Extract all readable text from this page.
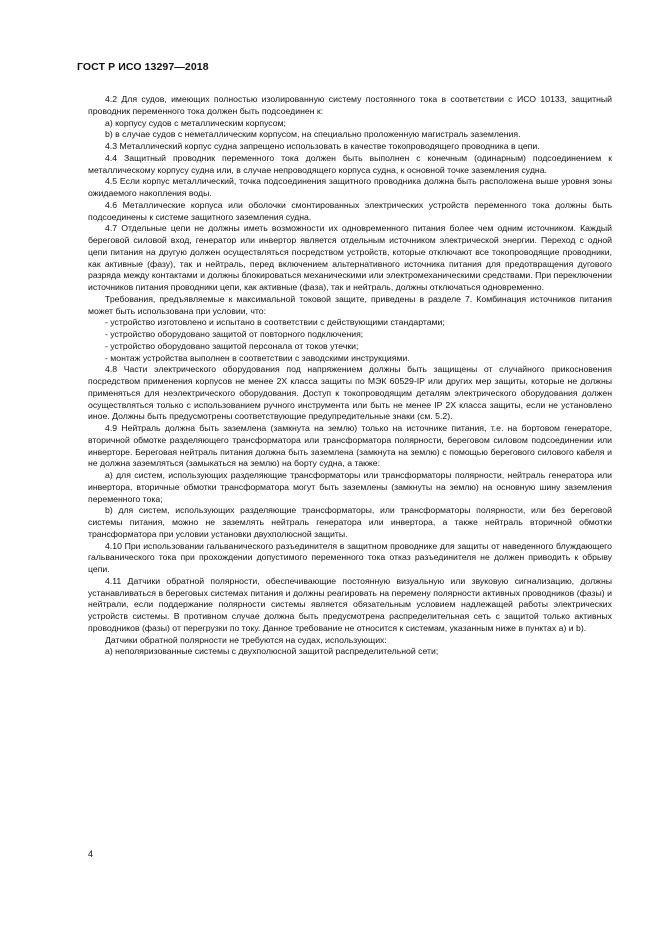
ГОСТ Р ИСО 13297—2018

4.2 Для судов, имеющих полностью изолированную систему постоянного тока в соответствии с ИСО 10133, защитный проводник переменного тока должен быть подсоединен к:

а) корпусу судов с металлическим корпусом;

b) в случае судов с неметаллическим корпусом, на специально проложенную магистраль заземления.

4.3 Металлический корпус судна запрещено использовать в качестве токопроводящего проводника в цепи.

4.4 Защитный проводник переменного тока должен быть выполнен с конечным (одинарным) подсоединением к металлическому корпусу судна или, в случае непроводящего корпуса судна, к основной точке заземления судна.

4.5 Если корпус металлический, точка подсоединения защитного проводника должна быть расположена выше уровня зоны ожидаемого накопления воды.

4.6 Металлические корпуса или оболочки смонтированных электрических устройств переменного тока должны быть подсоединены к системе защитного заземления судна.

4.7 Отдельные цепи не должны иметь возможности их одновременного питания более чем одним источником. Каждый береговой силовой вход, генератор или инвертор является отдельным источником электрической энергии. Переход с одной цепи питания на другую должен осуществляться посредством устройств, которые отключают все токопроводящие проводники, как активные (фазу), так и нейтраль, перед включением альтернативного источника питания для предотвращения дугового разряда между контактами и должны блокироваться механическими или электромеханическими средствами. При переключении источников питания проводники цепи, как активные (фаза), так и нейтраль, должны отключаться одновременно.

Требования, предъявляемые к максимальной токовой защите, приведены в разделе 7. Комбинация источников питания может быть использована при условии, что:

- устройство изготовлено и испытано в соответствии с действующими стандартами;

- устройство оборудовано защитой от повторного подключения;

- устройство оборудовано защитой персонала от токов утечки;

- монтаж устройства выполнен в соответствии с заводскими инструкциями.

4.8 Части электрического оборудования под напряжением должны быть защищены от случайного прикосновения посредством применения корпусов не менее 2Х класса защиты по МЭК 60529-IP или других мер защиты, которые не должны применяться для неэлектрического оборудования. Доступ к токопроводящим деталям электрического оборудования должен осуществляться только с использованием ручного инструмента или быть не менее IP 2X класса защиты, если не установлено иное. Должны быть предусмотрены соответствующие предупредительные знаки (см. 5.2).

4.9 Нейтраль должна быть заземлена (замкнута на землю) только на источнике питания, т.е. на бортовом генераторе, вторичной обмотке разделяющего трансформатора или трансформатора полярности, береговом силовом подсоединении или инверторе. Береговая нейтраль питания должна быть заземлена (замкнута на землю) с помощью берегового силового кабеля и не должна заземляться (замыкаться на землю) на борту судна, а также:

а) для систем, использующих разделяющие трансформаторы или трансформаторы полярности, нейтраль генератора или инвертора, вторичные обмотки трансформатора могут быть заземлены (замкнуты на землю) на основную шину заземления переменного тока;

b) для систем, использующих разделяющие трансформаторы, или трансформаторы полярности, или без береговой системы питания, можно не заземлять нейтраль генератора или инвертора, а также нейтраль вторичной обмотки трансформатора при условии установки двухполюсной защиты.

4.10 При использовании гальванического разъединителя в защитном проводнике для защиты от наведенного блуждающего гальванического тока при прохождении допустимого переменного тока отказ разъединителя не должен приводить к обрыву цепи.

4.11 Датчики обратной полярности, обеспечивающие постоянную визуальную или звуковую сигнализацию, должны устанавливаться в береговых системах питания и должны реагировать на перемену полярности активных проводников (фазы) и нейтрали, если поддержание полярности системы является обязательным условием надлежащей работы электрических устройств системы. В противном случае должна быть предусмотрена распределительная сеть с защитой только активных проводников (фазы) от перегрузки по току. Данное требование не относится к системам, указанным ниже в пунктах а) и b).

Датчики обратной полярности не требуются на судах, использующих:

а) неполяризованные системы с двухполюсной защитой распределительной сети;

4
